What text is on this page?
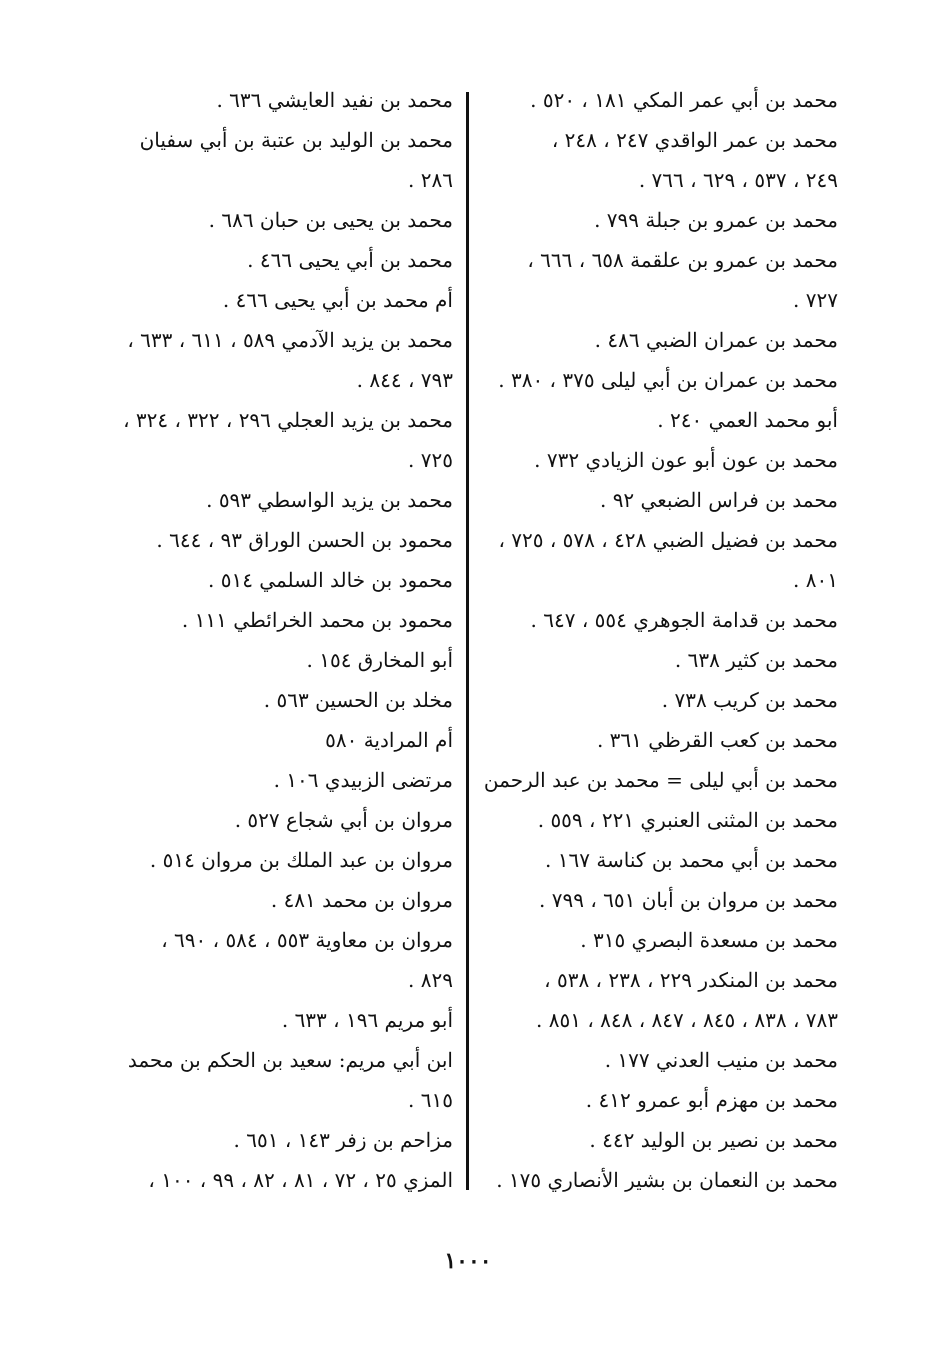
محمد بن أبي عمر المكي ١٨١ ، ٥٢٠ .
محمد بن عمر الواقدي ٢٤٧ ، ٢٤٨ ،
٢٤٩ ، ٥٣٧ ، ٦٢٩ ، ٧٦٦ .
محمد بن عمرو بن جبلة ٧٩٩ .
محمد بن عمرو بن علقمة ٦٥٨ ، ٦٦٦ ،
٧٢٧ .
محمد بن عمران الضبي ٤٨٦ .
محمد بن عمران بن أبي ليلى ٣٧٥ ، ٣٨٠ .
أبو محمد العمي ٢٤٠ .
محمد بن عون أبو عون الزيادي ٧٣٢ .
محمد بن فراس الضبعي ٩٢ .
محمد بن فضيل الضبي ٤٢٨ ، ٥٧٨ ، ٧٢٥ ،
٨٠١ .
محمد بن قدامة الجوهري ٥٥٤ ، ٦٤٧ .
محمد بن كثير ٦٣٨ .
محمد بن كريب ٧٣٨ .
محمد بن كعب القرظي ٣٦١ .
محمد بن أبي ليلى = محمد بن عبد الرحمن
محمد بن المثنى العنبري ٢٢١ ، ٥٥٩ .
محمد بن أبي محمد بن كناسة ١٦٧ .
محمد بن مروان بن أبان ٦٥١ ، ٧٩٩ .
محمد بن مسعدة البصري ٣١٥ .
محمد بن المنكدر ٢٢٩ ، ٢٣٨ ، ٥٣٨ ،
٧٨٣ ، ٨٣٨ ، ٨٤٥ ، ٨٤٧ ، ٨٤٨ ، ٨٥١ .
محمد بن منيب العدني ١٧٧ .
محمد بن مهزم أبو عمرو ٤١٢ .
محمد بن نصير بن الوليد ٤٤٢ .
محمد بن النعمان بن بشير الأنصاري ١٧٥ .
محمد بن نفيد العايشي ٦٣٦ .
محمد بن الوليد بن عتبة بن أبي سفيان
٢٨٦ .
محمد بن يحيى بن حبان ٦٨٦ .
محمد بن أبي يحيى ٤٦٦ .
أم محمد بن أبي يحيى ٤٦٦ .
محمد بن يزيد الآدمي ٥٨٩ ، ٦١١ ، ٦٣٣ ،
٧٩٣ ، ٨٤٤ .
محمد بن يزيد العجلي ٢٩٦ ، ٣٢٢ ، ٣٢٤ ،
٧٢٥ .
محمد بن يزيد الواسطي ٥٩٣ .
محمود بن الحسن الوراق ٩٣ ، ٦٤٤ .
محمود بن خالد السلمي ٥١٤ .
محمود بن محمد الخرائطي ١١١ .
أبو المخارق ١٥٤ .
مخلد بن الحسين ٥٦٣ .
أم المرادية ٥٨٠
مرتضى الزبيدي ١٠٦ .
مروان بن أبي شجاع ٥٢٧ .
مروان بن عبد الملك بن مروان ٥١٤ .
مروان بن محمد ٤٨١ .
مروان بن معاوية ٥٥٣ ، ٥٨٤ ، ٦٩٠ ،
٨٢٩ .
أبو مريم ١٩٦ ، ٦٣٣ .
ابن أبي مريم: سعيد بن الحكم بن محمد
٦١٥ .
مزاحم بن زفر ١٤٣ ، ٦٥١ .
المزي ٢٥ ، ٧٢ ، ٨١ ، ٨٢ ، ٩٩ ، ١٠٠ ،
١٠٠٠
